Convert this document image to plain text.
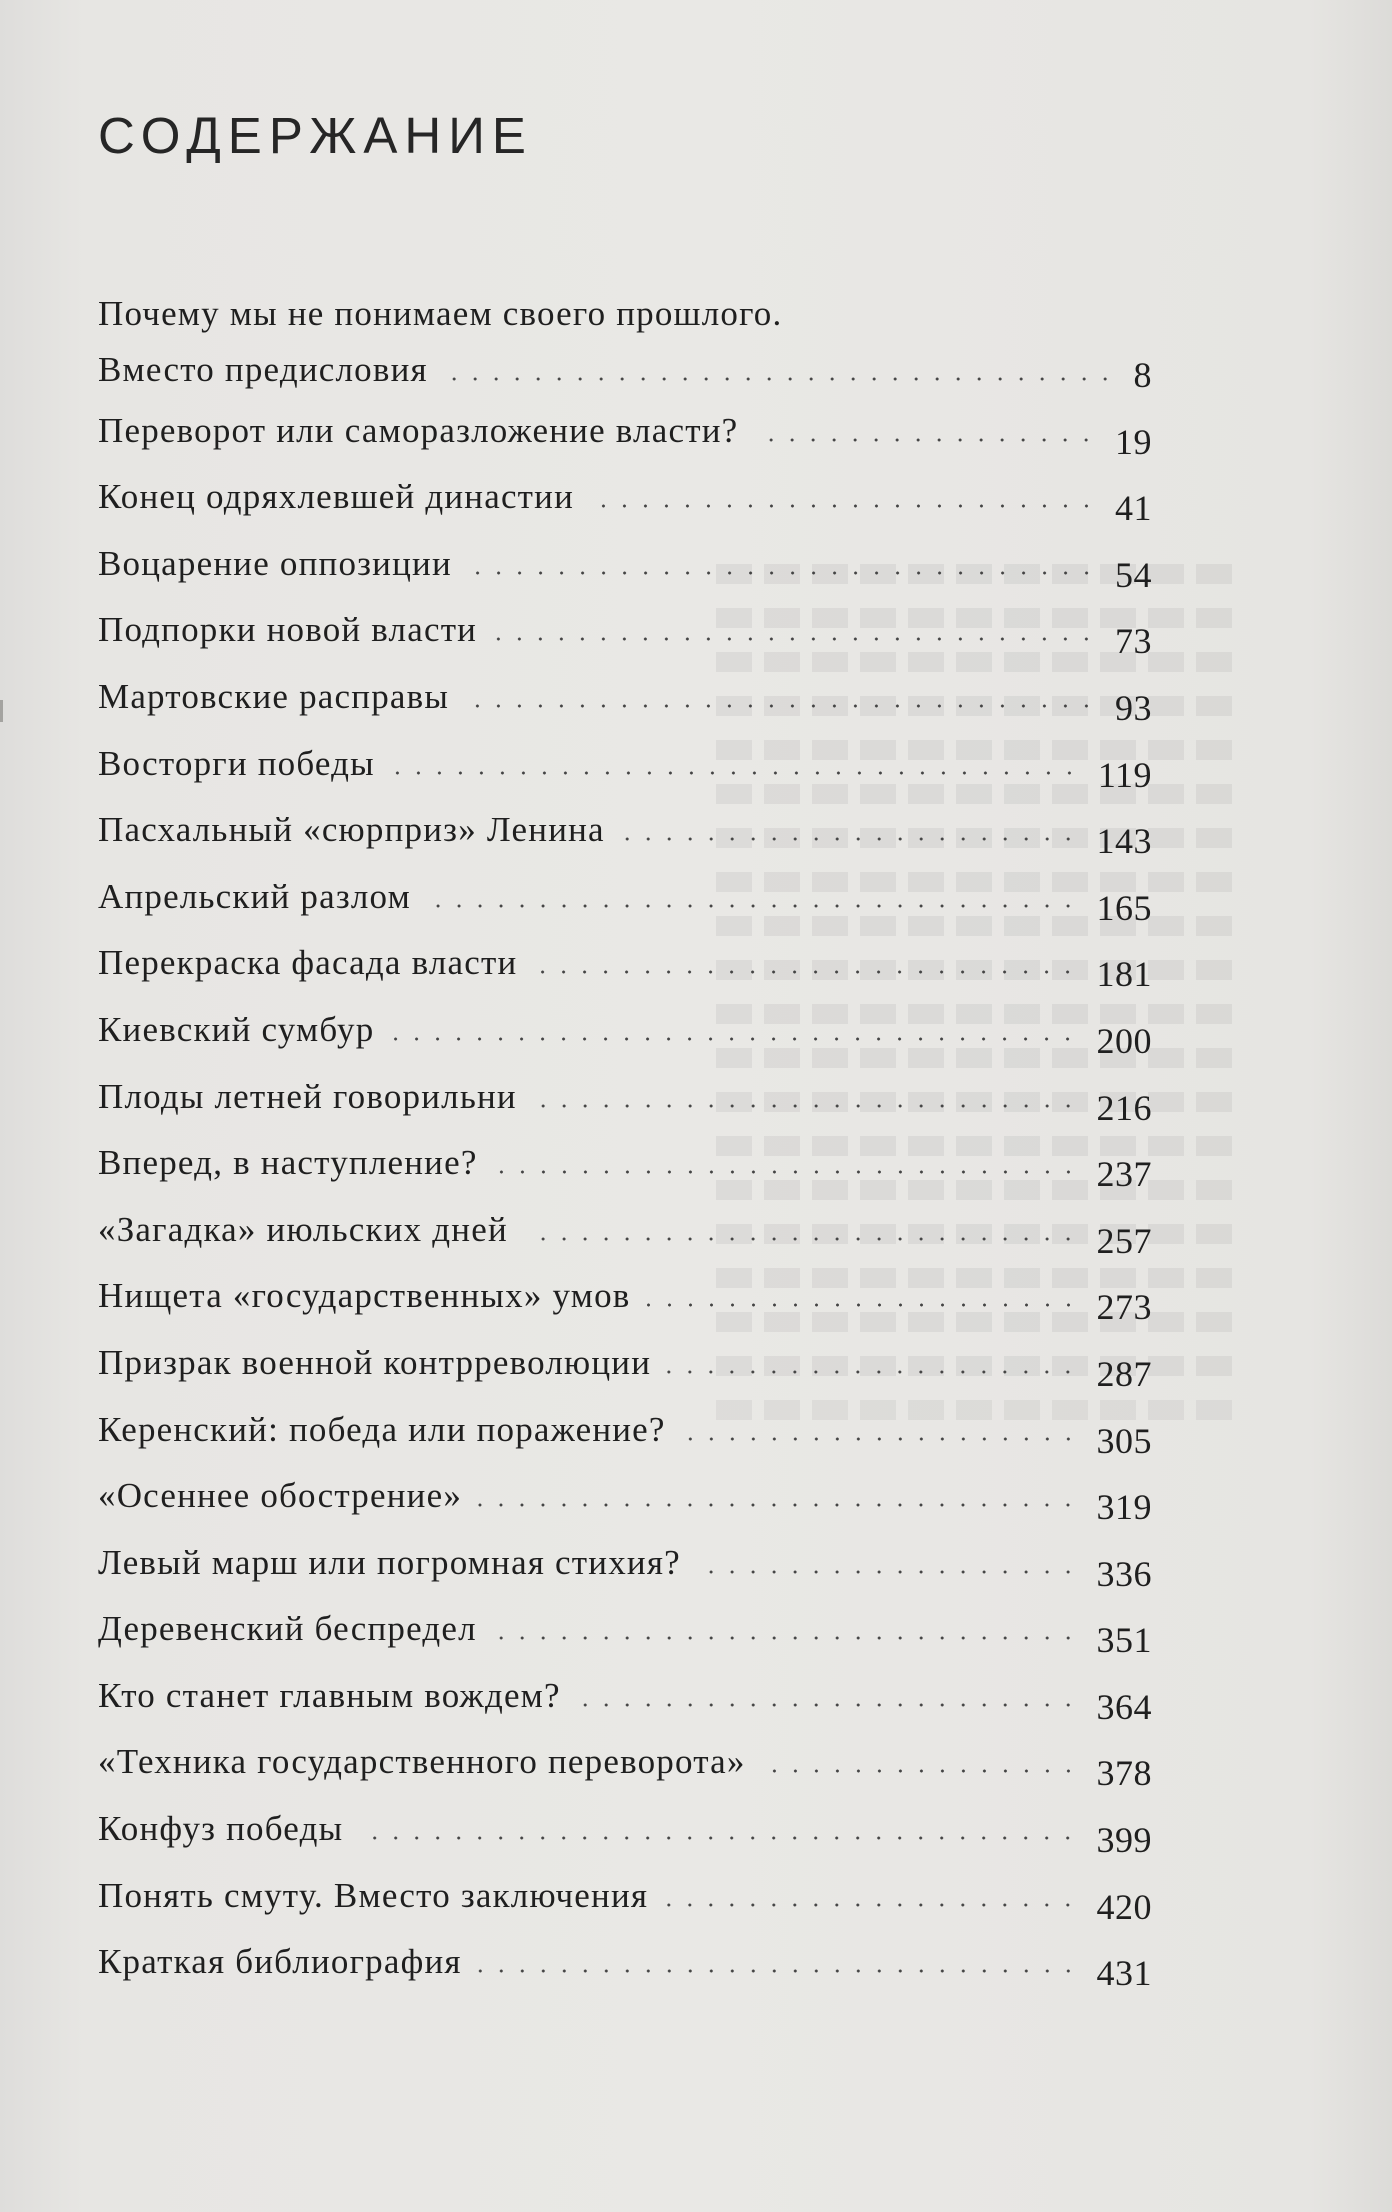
СОДЕРЖАНИЕ
Почему мы не понимаем своего прошлого.
Вместо предисловия	8
Переворот или саморазложение власти?	19
Конец одряхлевшей династии	41
Воцарение оппозиции	54
Подпорки новой власти	73
Мартовские расправы	93
Восторги победы	119
Пасхальный «сюрприз» Ленина	143
Апрельский разлом	165
Перекраска фасада власти	181
Киевский сумбур	200
Плоды летней говорильни	216
Вперед, в наступление?	237
«Загадка» июльских дней	257
Нищета «государственных» умов	273
Призрак военной контрреволюции	287
Керенский: победа или поражение?	305
«Осеннее обострение»	319
Левый марш или погромная стихия?	336
Деревенский беспредел	351
Кто станет главным вождем?	364
«Техника государственного переворота»	378
Конфуз победы	399
Понять смуту. Вместо заключения	420
Краткая библиография	431
